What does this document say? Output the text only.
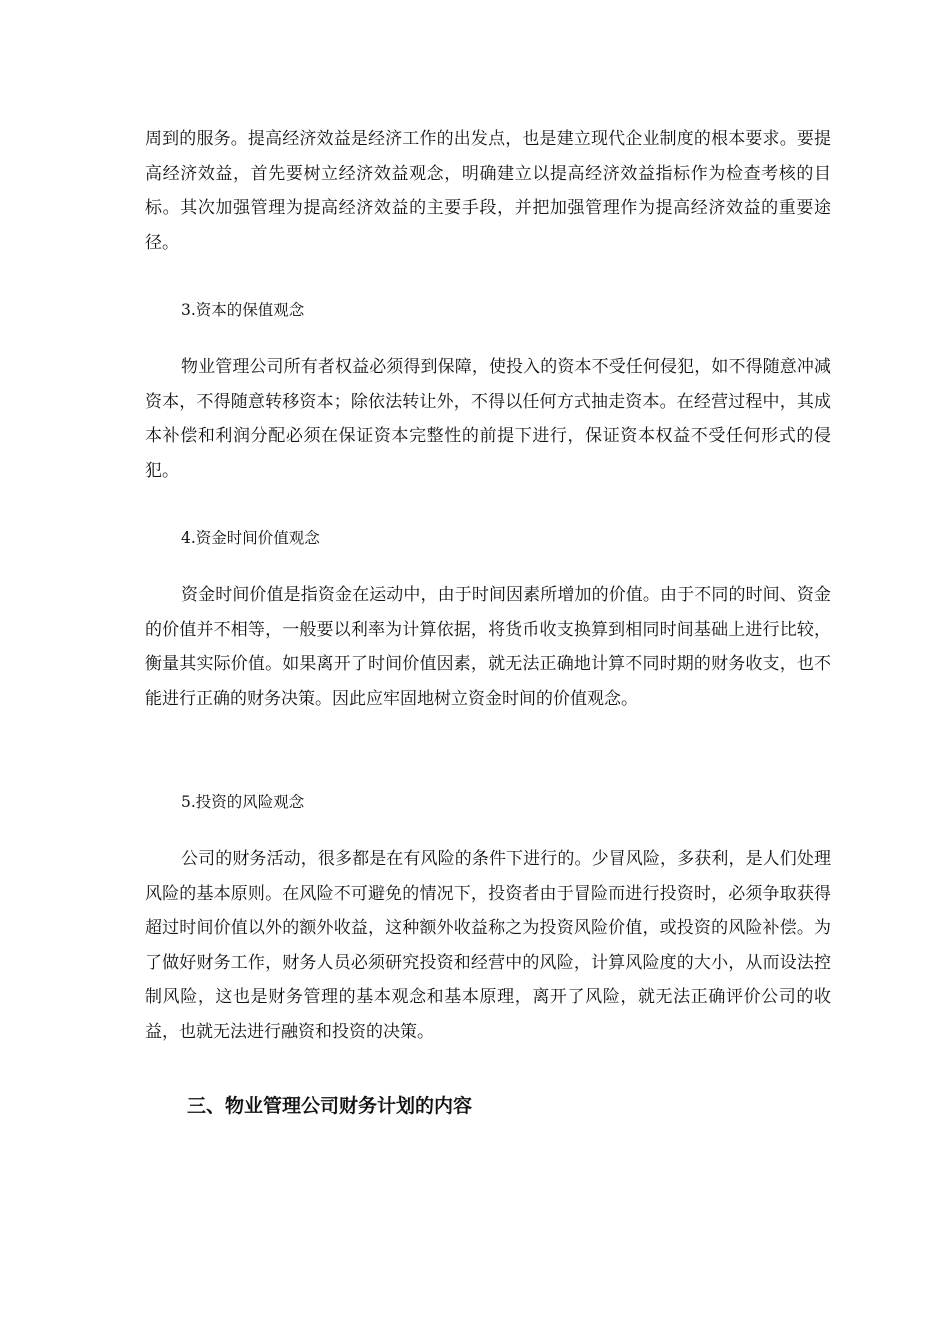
周到的服务。提高经济效益是经济工作的出发点，也是建立现代企业制度的根本要求。要提高经济效益，首先要树立经济效益观念，明确建立以提高经济效益指标作为检查考核的目标。其次加强管理为提高经济效益的主要手段，并把加强管理作为提高经济效益的重要途径。

3.资本的保值观念

物业管理公司所有者权益必须得到保障，使投入的资本不受任何侵犯，如不得随意冲减资本，不得随意转移资本；除依法转让外，不得以任何方式抽走资本。在经营过程中，其成本补偿和利润分配必须在保证资本完整性的前提下进行，保证资本权益不受任何形式的侵犯。

4.资金时间价值观念

资金时间价值是指资金在运动中，由于时间因素所增加的价值。由于不同的时间、资金的价值并不相等，一般要以利率为计算依据，将货币收支换算到相同时间基础上进行比较，衡量其实际价值。如果离开了时间价值因素，就无法正确地计算不同时期的财务收支，也不能进行正确的财务决策。因此应牢固地树立资金时间的价值观念。

5.投资的风险观念

公司的财务活动，很多都是在有风险的条件下进行的。少冒风险，多获利，是人们处理风险的基本原则。在风险不可避免的情况下，投资者由于冒险而进行投资时，必须争取获得超过时间价值以外的额外收益，这种额外收益称之为投资风险价值，或投资的风险补偿。为了做好财务工作，财务人员必须研究投资和经营中的风险，计算风险度的大小，从而设法控制风险，这也是财务管理的基本观念和基本原理，离开了风险，就无法正确评价公司的收益，也就无法进行融资和投资的决策。

三、物业管理公司财务计划的内容
